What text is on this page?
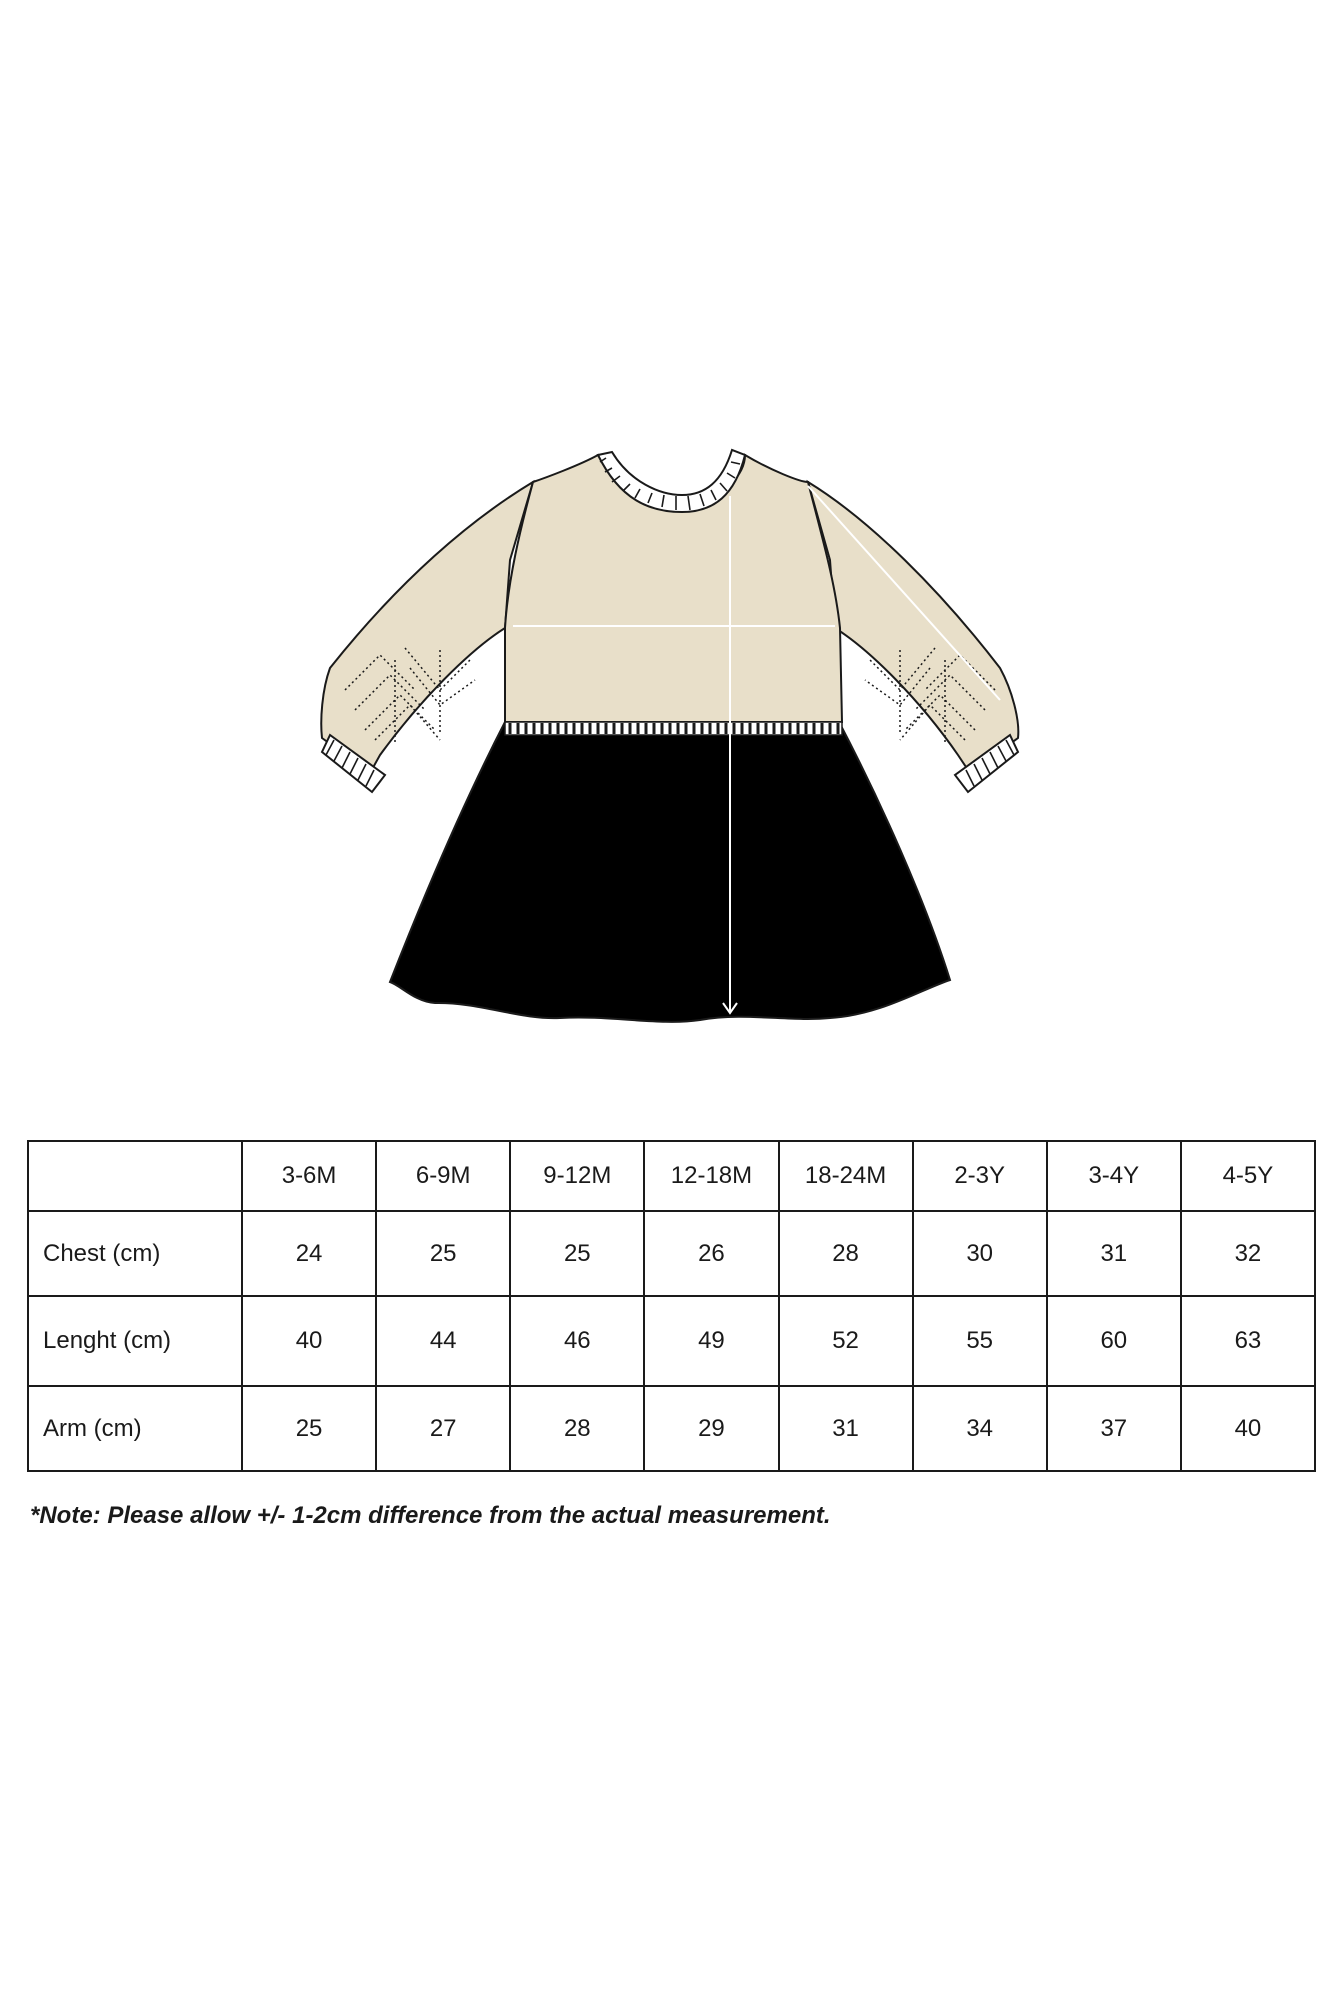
	3-6M	6-9M	9-12M	12-18M	18-24M	2-3Y	3-4Y	4-5Y
Chest (cm)	24	25	25	26	28	30	31	32
Lenght (cm)	40	44	46	49	52	55	60	63
Arm (cm)	25	27	28	29	31	34	37	40
*Note: Please allow +/- 1-2cm difference from the actual measurement.
